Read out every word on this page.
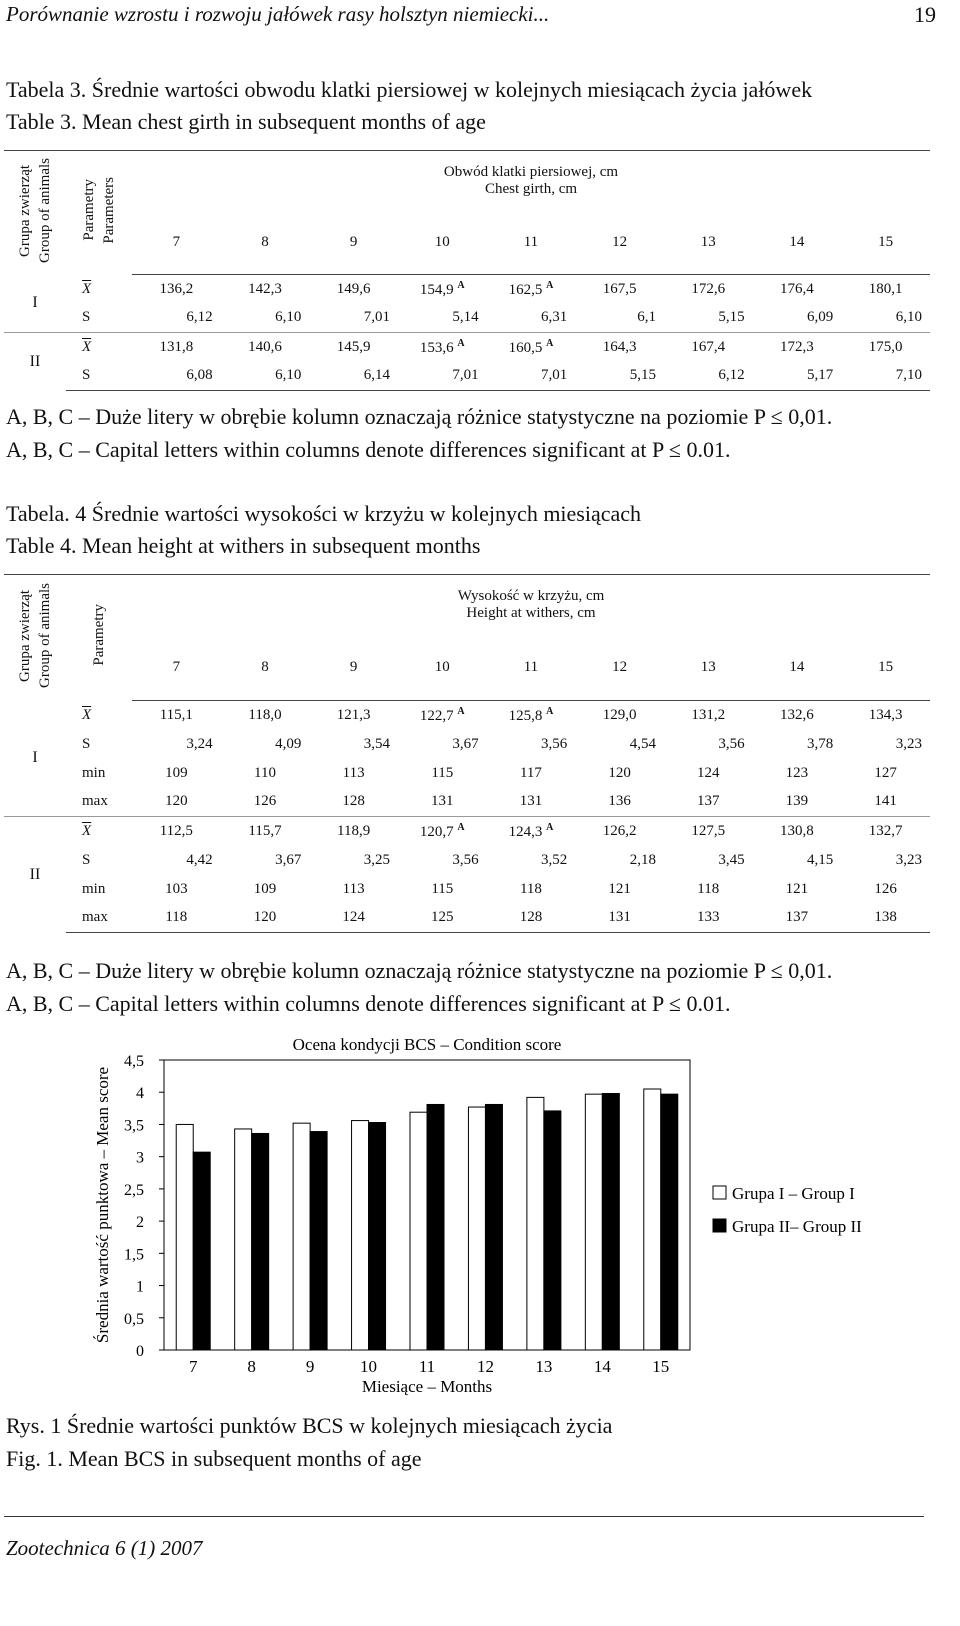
Porównanie wzrostu i rozwoju jałówek rasy holsztyn niemiecki...	19
Tabela 3. Średnie wartości obwodu klatki piersiowej w kolejnych miesiącach życia jałówek
Table 3. Mean chest girth in subsequent months of age
Grupa zwierząt Group of animals	Parametry Parameters	Obwód klatki piersiowej, cm
Chest girth, cm								
		7	8	9	10	11	12	13	14	15
I	$\overline{X}$	136,2	142,3	149,6	154,9 $^A$	162,5 $^A$	167,5	172,6	176,4	180,1
	S	6,12	6,10	7,01	5,14	6,31	6,1	5,15	6,09	6,10
II	$\overline{X}$	131,8	140,6	145,9	153,6 $^A$	160,5 $^A$	164,3	167,4	172,3	175,0
	S	6,08	6,10	6,14	7,01	7,01	5,15	6,12	5,17	7,10
A, B, C – Duże litery w obrębie kolumn oznaczają różnice statystyczne na poziomie P ≤ 0,01.
A, B, C – Capital letters within columns denote differences significant at P ≤ 0.01.
Tabela. 4 Średnie wartości wysokości w krzyżu w kolejnych miesiącach
Table 4. Mean height at withers in subsequent months
Grupa zwierząt Group of animals	Parametry	Wysokość w krzyżu, cm
Height at withers, cm								
		7	8	9	10	11	12	13	14	15
I	$\overline{X}$	115,1	118,0	121,3	122,7 $^A$	125,8 $^A$	129,0	131,2	132,6	134,3
	S	3,24	4,09	3,54	3,67	3,56	4,54	3,56	3,78	3,23
	min	109	110	113	115	117	120	124	123	127
	max	120	126	128	131	131	136	137	139	141
II	$\overline{X}$	112,5	115,7	118,9	120,7 $^A$	124,3 $^A$	126,2	127,5	130,8	132,7
	S	4,42	3,67	3,25	3,56	3,52	2,18	3,45	4,15	3,23
	min	103	109	113	115	118	121	118	121	126
	max	118	120	124	125	128	131	133	137	138
A, B, C – Duże litery w obrębie kolumn oznaczają różnice statystyczne na poziomie P ≤ 0,01.
A, B, C – Capital letters within columns denote differences significant at P ≤ 0.01.
Ocena kondycji BCS – Condition score
0
0,5
1
1,5
2
2,5
3
3,5
4
4,5
7	8	9	10 11 12 13 14 15
Miesiące – Months
Średnia wartość punktowa – Mean score	Grupa I – Group I
Grupa II– Group II
Rys. 1 Średnie wartości punktów BCS w kolejnych miesiącach życia
Fig. 1. Mean BCS in subsequent months of age
Zootechnica 6 (1) 2007
